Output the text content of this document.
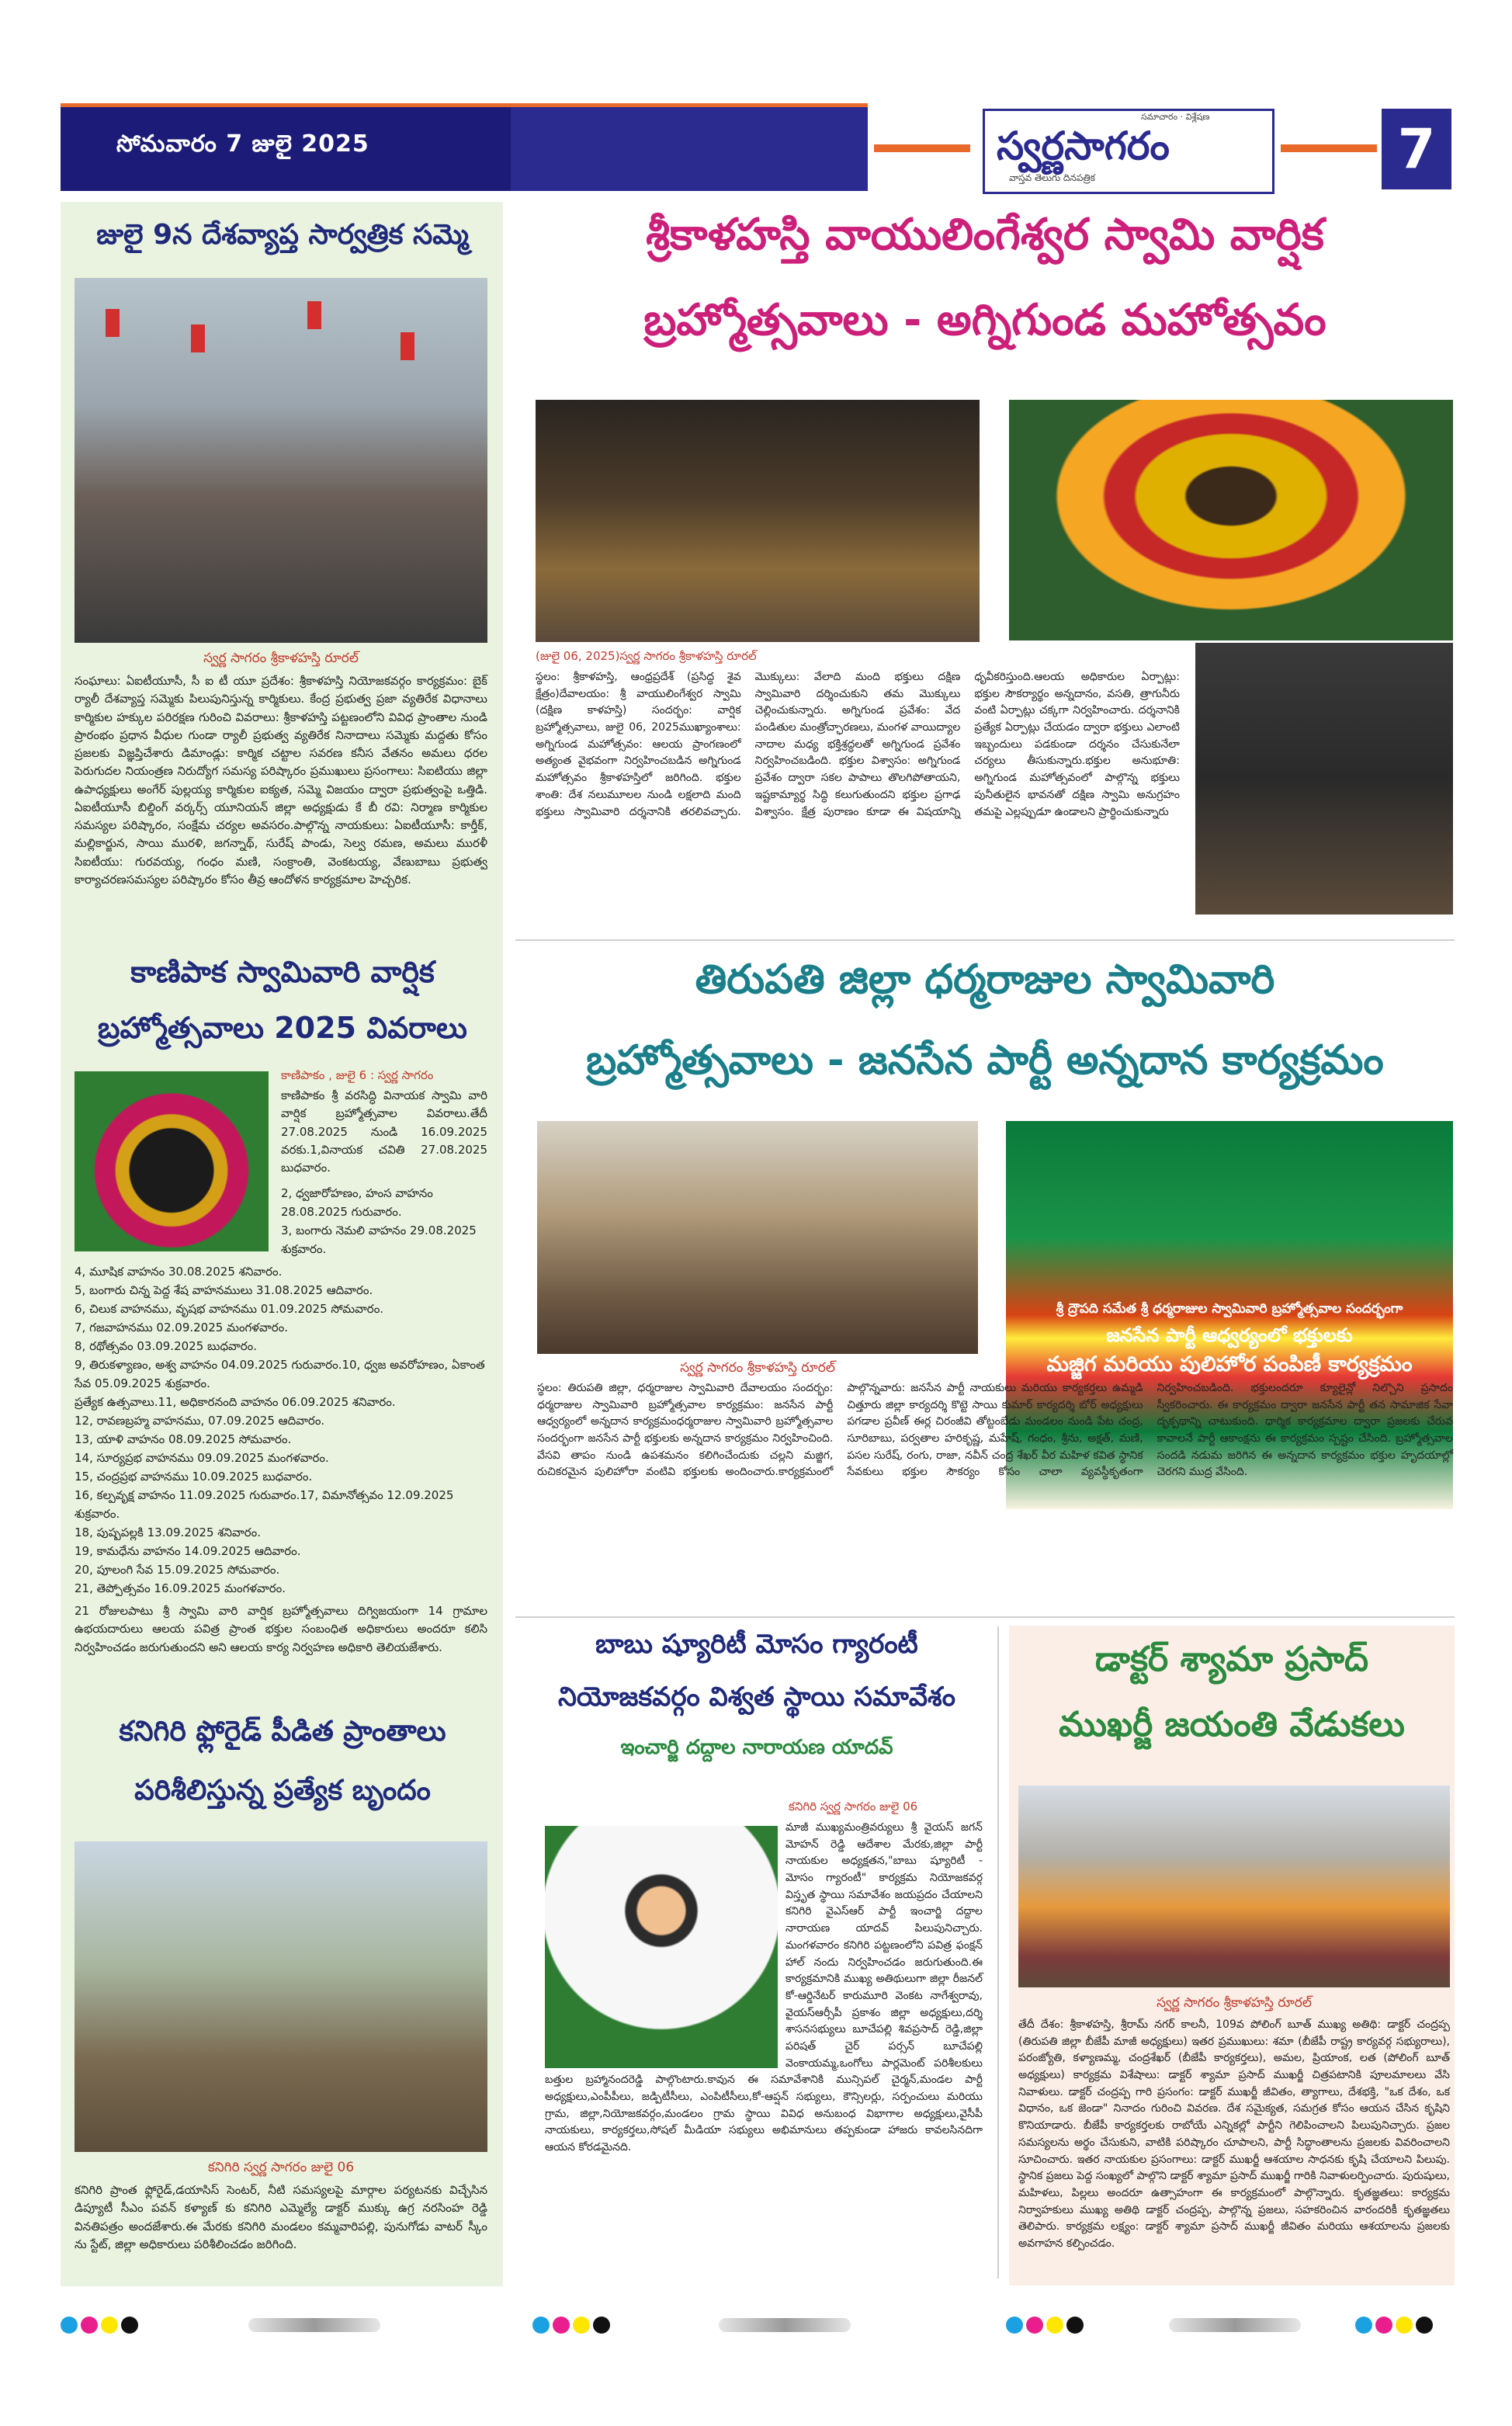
సోమవారం 7 జులై 2025	స్వర్ణసాగరం
సమాచారం · విశ్లేషణ
వాస్తవ తెలుగు దినపత్రిక	7
జులై 9న దేశవ్యాప్త సార్వత్రిక సమ్మె
స్వర్ణ సాగరం శ్రీకాళహస్తి రూరల్
సంఘాలు: ఏఐటీయూసీ, సీ ఐ టీ యూ ప్రదేశం: శ్రీకాళహస్తి నియోజకవర్గం కార్యక్రమం: బైక్ ర్యాలీ దేశవ్యాప్త సమ్మెకు పిలుపునిస్తున్న కార్మికులు. కేంద్ర ప్రభుత్వ ప్రజా వ్యతిరేక విధానాలు కార్మికుల హక్కుల పరిరక్షణ గురించి వివరాలు: శ్రీకాళహస్తి పట్టణంలోని వివిధ ప్రాంతాల నుండి ప్రారంభం ప్రధాన వీధుల గుండా ర్యాలీ ప్రభుత్వ వ్యతిరేక నినాదాలు సమ్మెకు మద్దతు కోసం ప్రజలకు విజ్ఞప్తిచేశారు డిమాండ్లు: కార్మిక చట్టాల సవరణ కనీస వేతనం అమలు ధరల పెరుగుదల నియంత్రణ నిరుద్యోగ సమస్య పరిష్కారం ప్రముఖులు ప్రసంగాలు: సిఐటియు జిల్లా ఉపాధ్యక్షులు అంగేర్ పుల్లయ్య కార్మికుల ఐక్యత, సమ్మె విజయం ద్వారా ప్రభుత్వంపై ఒత్తిడి. ఏఐటీయూసీ బిల్డింగ్ వర్కర్స్ యూనియన్ జిల్లా అధ్యక్షుడు కే బీ రవి: నిర్మాణ కార్మికుల సమస్యల పరిష్కారం, సంక్షేమ చర్యల అవసరం.పాల్గొన్న నాయకులు: ఏఐటీయూసీ: కార్తీక్, మల్లికార్జున, సాయి మురళి, జగన్నాథ్, సురేష్ పాండు, సెల్వ రమణ, అమలు మురళీ సిఐటీయు: గురవయ్య, గంధం మణి, సంక్రాంతి, వెంకటయ్య, వేణుబాబు ప్రభుత్వ కార్యాచరణసమస్యల పరిష్కారం కోసం తీవ్ర ఆందోళన కార్యక్రమాల హెచ్చరిక.
కాణిపాక స్వామివారి వార్షిక
బ్రహ్మోత్సవాలు 2025 వివరాలు
కాణిపాకం , జులై 6 : స్వర్ణ సాగరం
కాణిపాకం శ్రీ వరసిద్ధి వినాయక స్వామి వారి వార్షిక బ్రహ్మోత్సవాల వివరాలు.తేదీ 27.08.2025 నుండి 16.09.2025 వరకు.1,వినాయక చవితి 27.08.2025 బుధవారం.
2, ధ్వజారోహణం, హంస వాహనం 28.08.2025 గురువారం.
3, బంగారు నెమలి వాహనం 29.08.2025 శుక్రవారం.
4, మూషిక వాహనం 30.08.2025 శనివారం.
5, బంగారు చిన్న పెద్ద శేష వాహనములు 31.08.2025 ఆదివారం.
6, చిలుక వాహనము, వృషభ వాహనము 01.09.2025 సోమవారం.
7, గజవాహనము 02.09.2025 మంగళవారం.
8, రథోత్సవం 03.09.2025 బుధవారం.
9, తిరుకళ్యాణం, అశ్వ వాహనం 04.09.2025 గురువారం.10, ధ్వజ అవరోహణం, ఏకాంత సేవ 05.09.2025 శుక్రవారం.
ప్రత్యేక ఉత్సవాలు.11, అధికారనంది వాహనం 06.09.2025 శనివారం.
12, రావణబ్రహ్మ వాహనము, 07.09.2025 ఆదివారం.
13, యాళి వాహనం 08.09.2025 సోమవారం.
14, సూర్యప్రభ వాహనము 09.09.2025 మంగళవారం.
15, చంద్రప్రభ వాహనము 10.09.2025 బుధవారం.
16, కల్పవృక్ష వాహనం 11.09.2025 గురువారం.17, విమానోత్సవం 12.09.2025 శుక్రవారం.
18, పుష్పపల్లకి 13.09.2025 శనివారం.
19, కామధేను వాహనం 14.09.2025 ఆదివారం.
20, పూలంగి సేవ 15.09.2025 సోమవారం.
21, తెప్పోత్సవం 16.09.2025 మంగళవారం.
21 రోజులపాటు శ్రీ స్వామి వారి వార్షిక బ్రహ్మోత్సవాలు దిగ్విజయంగా 14 గ్రామాల ఉభయదారులు ఆలయ పవిత్ర ప్రాంత భక్తుల సంబంధిత అధికారులు అందరూ కలిసి నిర్వహించడం జరుగుతుందని అని ఆలయ కార్య నిర్వహణ అధికారి తెలియజేశారు.
కనిగిరి ఫ్లోరైడ్ పీడిత ప్రాంతాలు
పరిశీలిస్తున్న ప్రత్యేక బృందం
కనిగిరి స్వర్ణ సాగరం జులై 06
కనిగిరి ప్రాంత ఫ్లోరైడ్,డయాసిస్ సెంటర్, నీటి సమస్యలపై మార్గాల పర్యటనకు విచ్చేసిన డిప్యూటీ సీఎం పవన్ కళ్యాణ్ కు కనిగిరి ఎమ్మెల్యే డాక్టర్ ముక్కు ఉగ్ర నరసింహ రెడ్డి వినతిపత్రం అందజేశారు.ఈ మేరకు కనిగిరి మండలం కమ్మవారిపల్లి, పునుగోడు వాటర్ స్కీం ను స్టేట్, జిల్లా అధికారులు పరిశీలించడం జరిగింది.
శ్రీకాళహస్తి వాయులింగేశ్వర స్వామి వార్షిక
బ్రహ్మోత్సవాలు - అగ్నిగుండ మహోత్సవం
(జులై 06, 2025)స్వర్ణ సాగరం శ్రీకాళహస్తి రూరల్
స్థలం: శ్రీకాళహస్తి, ఆంధ్రప్రదేశ్ (ప్రసిద్ధ శైవ క్షేత్రం)దేవాలయం: శ్రీ వాయులింగేశ్వర స్వామి (దక్షిణ కాళహస్తి) సందర్భం: వార్షిక బ్రహ్మోత్సవాలు, జులై 06, 2025ముఖ్యాంశాలు: అగ్నిగుండ మహోత్సవం: ఆలయ ప్రాంగణంలో అత్యంత వైభవంగా నిర్వహించబడిన అగ్నిగుండ మహోత్సవం శ్రీకాళహస్తిలో జరిగింది. భక్తుల శాంతి: దేశ నలుమూలల నుండి లక్షలాది మంది భక్తులు స్వామివారి దర్శనానికి తరలివచ్చారు. మొక్కులు: వేలాది మంది భక్తులు దక్షిణ స్వామివారి దర్శించుకుని తమ మొక్కులు చెల్లించుకున్నారు. అగ్నిగుండ ప్రవేశం: వేద పండితుల మంత్రోచ్ఛారణలు, మంగళ వాయిద్యాల నాదాల మధ్య భక్తిశ్రద్ధలతో అగ్నిగుండ ప్రవేశం నిర్వహించబడింది. భక్తుల విశ్వాసం: అగ్నిగుండ ప్రవేశం ద్వారా సకల పాపాలు తొలగిపోతాయని, ఇష్టకామ్యార్థ సిద్ధి కలుగుతుందని భక్తుల ప్రగాఢ విశ్వాసం. క్షేత్ర పురాణం కూడా ఈ విషయాన్ని ధృవీకరిస్తుంది.ఆలయ అధికారుల ఏర్పాట్లు: భక్తుల సౌకర్యార్థం అన్నదానం, వసతి, త్రాగునీరు వంటి ఏర్పాట్లు చక్కగా నిర్వహించారు. దర్శనానికి ప్రత్యేక ఏర్పాట్లు చేయడం ద్వారా భక్తులు ఎలాంటి ఇబ్బందులు పడకుండా దర్శనం చేసుకునేలా చర్యలు తీసుకున్నారు.భక్తుల అనుభూతి: అగ్నిగుండ మహోత్సవంలో పాల్గొన్న భక్తులు పునీతులైన భావనతో దక్షిణ స్వామి అనుగ్రహం తమపై ఎల్లప్పుడూ ఉండాలని ప్రార్థించుకున్నారు
తిరుపతి జిల్లా ధర్మరాజుల స్వామివారి
బ్రహ్మోత్సవాలు - జనసేన పార్టీ అన్నదాన కార్యక్రమం
శ్రీ ద్రౌపది సమేత శ్రీ ధర్మరాజుల స్వామివారి బ్రహ్మోత్సవాల సందర్భంగా
జనసేన పార్టీ ఆధ్వర్యంలో భక్తులకు
మజ్జిగ మరియు పులిహోర పంపిణీ కార్యక్రమం
స్వర్ణ సాగరం శ్రీకాళహస్తి రూరల్
స్థలం: తిరుపతి జిల్లా, ధర్మరాజుల స్వామివారి దేవాలయం సందర్భం: ధర్మరాజుల స్వామివారి బ్రహ్మోత్సవాల కార్యక్రమం: జనసేన పార్టీ ఆధ్వర్యంలో అన్నదాన కార్యక్రమంధర్మరాజుల స్వామివారి బ్రహ్మోత్సవాల సందర్భంగా జనసేన పార్టీ భక్తులకు అన్నదాన కార్యక్రమం నిర్వహించింది. వేసవి తాపం నుండి ఉపశమనం కలిగించేందుకు చల్లని మజ్జిగ, రుచికరమైన పులిహోరా వంటివి భక్తులకు అందించారు.కార్యక్రమంలో పాల్గొన్నవారు: జనసేన పార్టీ నాయకులు మరియు కార్యకర్తలు ఉమ్మడి చిత్తూరు జిల్లా కార్యదర్శి కొట్టె సాయి కుమార్ కార్యదర్శి బోర్ అధ్యక్షులు పగడాల ప్రవీణ్ ఈర్ల చిరంజీవి తోట్టంబేడు మండలం నుండి పేట చంద్ర, సూరిబాబు, పర్వతాల హరికృష్ణ, మహేష్, గంధం, శ్రీను, అక్షత్, మణి, పసల సురేష్, రంగు, రాజా, నవీన్ చంద్ర శేఖర్ వీర మహిళ కవిత స్థానిక సేవకులు భక్తుల సౌకర్యం కోసం చాలా వ్యవస్థీకృతంగా నిర్వహించబడింది. భక్తులందరూ క్యూలైన్లో నిల్చొని ప్రసాదం స్వీకరించారు. ఈ కార్యక్రమం ద్వారా జనసేన పార్టీ తన సామాజిక సేవా దృక్పథాన్ని చాటుకుంది. ధార్మిక కార్యక్రమాల ద్వారా ప్రజలకు చేరువ కావాలనే పార్టీ ఆకాంక్షను ఈ కార్యక్రమం స్పష్టం చేసింది. బ్రహ్మోత్సవాల సందడి నడుమ జరిగిన ఈ అన్నదాన కార్యక్రమం భక్తుల హృదయాల్లో చెరగని ముద్ర వేసింది.
బాబు ష్యూరిటీ మోసం గ్యారంటీ
నియోజకవర్గం విశ్వత స్థాయి సమావేశం
ఇంచార్జి దద్దాల నారాయణ యాదవ్
కనిగిరి స్వర్ణ సాగరం జులై 06
మాజీ ముఖ్యమంత్రివర్యులు శ్రీ వైయస్ జగన్ మోహన్ రెడ్డి ఆదేశాల మేరకు,జిల్లా పార్టీ నాయకుల అధ్యక్షతన,"బాబు ష్యూరిటీ - మోసం గ్యారంటీ" కార్యక్రమ నియోజకవర్గ విస్తృత స్థాయి సమావేశం జయప్రదం చేయాలని కనిగిరి వైఎస్ఆర్ పార్టీ ఇంచార్జి దద్దాల నారాయణ యాదవ్ పిలుపునిచ్చారు. మంగళవారం కనిగిరి పట్టణంలోని పవిత్ర ఫంక్షన్ హాల్ నందు నిర్వహించడం జరుగుతుంది.ఈ కార్యక్రమానికి ముఖ్య అతిథులుగా జిల్లా రీజనల్ కో-ఆర్డినేటర్ కారుమూరి వెంకట నాగేశ్వరావు, వైయస్ఆర్సీపీ ప్రకాశం జిల్లా అధ్యక్షులు,దర్శి శాసనసభ్యులు బూచేపల్లి శివప్రసాద్ రెడ్డి,జిల్లా పరిషత్ చైర్ పర్సన్ బూచేపల్లి వెంకాయమ్మ,ఒంగోలు పార్లమెంట్ పరిశీలకులు బత్తుల బ్రహ్మానందరెడ్డి పాల్గొంటారు.కావున ఈ సమావేశానికి మున్సిపల్ చైర్మన్,మండల పార్టీ అధ్యక్షులు,ఎంపీపీలు, జడ్పిటీసీలు, ఎంపిటీసీలు,కో-ఆప్షన్ సభ్యులు, కౌన్సిలర్లు, సర్పంచులు మరియు గ్రామ, జిల్లా,నియోజకవర్గం,మండలం గ్రామ స్థాయి వివిధ అనుబంధ విభాగాల అధ్యక్షులు,వైసీపీ నాయకులు, కార్యకర్తలు,సోషల్ మీడియా సభ్యులు అభిమానులు తప్పకుండా హాజరు కావలసినదిగా ఆయన కోరడమైనది.
డాక్టర్ శ్యామా ప్రసాద్
ముఖర్జీ జయంతి వేడుకలు
స్వర్ణ సాగరం శ్రీకాళహస్తి రూరల్
తేదీ దేశం: శ్రీకాళహస్తి, శ్రీరామ్ నగర్ కాలనీ, 109వ పోలింగ్ బూత్ ముఖ్య అతిథి: డాక్టర్ చంద్రప్ప (తిరుపతి జిల్లా బీజేపీ మాజీ అధ్యక్షులు) ఇతర ప్రముఖులు: శమా (బీజేపీ రాష్ట్ర కార్యవర్గ సభ్యురాలు), పరంజ్యోతి, కళ్యాణమ్మ, చంద్రశేఖర్ (బీజేపీ కార్యకర్తలు), అమల, ప్రియాంక, లత (పోలింగ్ బూత్ అధ్యక్షులు) కార్యక్రమ విశేషాలు: డాక్టర్ శ్యామా ప్రసాద్ ముఖర్జీ చిత్రపటానికి పూలమాలలు వేసి నివాళులు. డాక్టర్ చంద్రప్ప గారి ప్రసంగం: డాక్టర్ ముఖర్జీ జీవితం, త్యాగాలు, దేశభక్తి, "ఒక దేశం, ఒక విధానం, ఒక జెండా" నినాదం గురించి వివరణ. దేశ సమైక్యత, సమగ్రత కోసం ఆయన చేసిన కృషిని కొనియాడారు. బీజేపీ కార్యకర్తలకు రాబోయే ఎన్నికల్లో పార్టీని గెలిపించాలని పిలుపునిచ్చారు. ప్రజల సమస్యలను అర్థం చేసుకుని, వాటికి పరిష్కారం చూపాలని, పార్టీ సిద్ధాంతాలను ప్రజలకు వివరించాలని సూచించారు. ఇతర నాయకుల ప్రసంగాలు: డాక్టర్ ముఖర్జీ ఆశయాల సాధనకు కృషి చేయాలని పిలుపు. స్థానిక ప్రజలు పెద్ద సంఖ్యలో పాల్గొని డాక్టర్ శ్యామా ప్రసాద్ ముఖర్జీ గారికి నివాళులర్పించారు. పురుషులు, మహిళలు, పిల్లలు అందరూ ఉత్సాహంగా ఈ కార్యక్రమంలో పాల్గొన్నారు. కృతజ్ఞతలు: కార్యక్రమ నిర్వాహకులు ముఖ్య అతిథి డాక్టర్ చంద్రప్ప, పాల్గొన్న ప్రజలు, సహకరించిన వారందరికీ కృతజ్ఞతలు తెలిపారు. కార్యక్రమ లక్ష్యం: డాక్టర్ శ్యామా ప్రసాద్ ముఖర్జీ జీవితం మరియు ఆశయాలను ప్రజలకు అవగాహన కల్పించడం.
